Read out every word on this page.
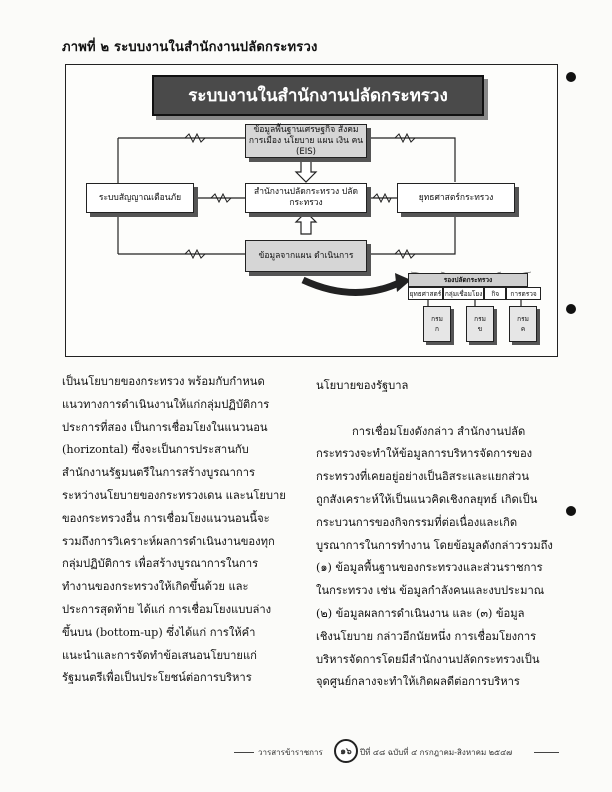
ภาพที่ ๒ ระบบงานในสำนักงานปลัดกระทรวง
ระบบงานในสำนักงานปลัดกระทรวง
ข้อมูลพื้นฐานเศรษฐกิจ สังคม การเมือง นโยบาย แผน เงิน คน (EIS)
สำนักงานปลัดกระทรวง ปลัดกระทรวง
ระบบสัญญาณเตือนภัย	ยุทธศาสตร์กระทรวง
ข้อมูลจากแผน ดำเนินการ
รองปลัดกระทรวง
ยุทธศาสตร์ กลุ่มเชื่อมโยง	กิจ	การตรวจ
กรม
ก
กรม
ข
กรม
ค

เป็นนโยบายของกระทรวง พร้อมกับกำหนด

แนวทางการดำเนินงานให้แก่กลุ่มปฏิบัติการ

ประการที่สอง เป็นการเชื่อมโยงในแนวนอน

(horizontal) ซึ่งจะเป็นการประสานกับ

สำนักงานรัฐมนตรีในการสร้างบูรณาการ

ระหว่างนโยบายของกระทรวงเดน และนโยบาย

ของกระทรวงอื่น การเชื่อมโยงแนวนอนนี้จะ

รวมถึงการวิเคราะห์ผลการดำเนินงานของทุก

กลุ่มปฏิบัติการ เพื่อสร้างบูรณาการในการ

ทำงานของกระทรวงให้เกิดขึ้นด้วย และ

ประการสุดท้าย ได้แก่ การเชื่อมโยงแบบล่าง

ขึ้นบน (bottom-up) ซึ่งได้แก่ การให้คำ

แนะนำและการจัดทำข้อเสนอนโยบายแก่

รัฐมนตรีเพื่อเป็นประโยชน์ต่อการบริหาร

นโยบายของรัฐบาล

การเชื่อมโยงดังกล่าว สำนักงานปลัด

กระทรวงจะทำให้ข้อมูลการบริหารจัดการของ

กระทรวงที่เคยอยู่อย่างเป็นอิสระและแยกส่วน

ถูกสังเคราะห์ให้เป็นแนวคิดเชิงกลยุทธ์ เกิดเป็น

กระบวนการของกิจกรรมที่ต่อเนื่องและเกิด

บูรณาการในการทำงาน โดยข้อมูลดังกล่าวรวมถึง

(๑) ข้อมูลพื้นฐานของกระทรวงและส่วนราชการ

ในกระทรวง เช่น ข้อมูลกำลังคนและงบประมาณ

(๒) ข้อมูลผลการดำเนินงาน และ (๓) ข้อมูล

เชิงนโยบาย กล่าวอีกนัยหนึ่ง การเชื่อมโยงการ

บริหารจัดการโดยมีสำนักงานปลัดกระทรวงเป็น

จุดศูนย์กลางจะทำให้เกิดผลดีต่อการบริหาร

วารสารข้าราชการ ๑๖ ปีที่ ๔๘ ฉบับที่ ๔ กรกฎาคม-สิงหาคม ๒๕๔๗
